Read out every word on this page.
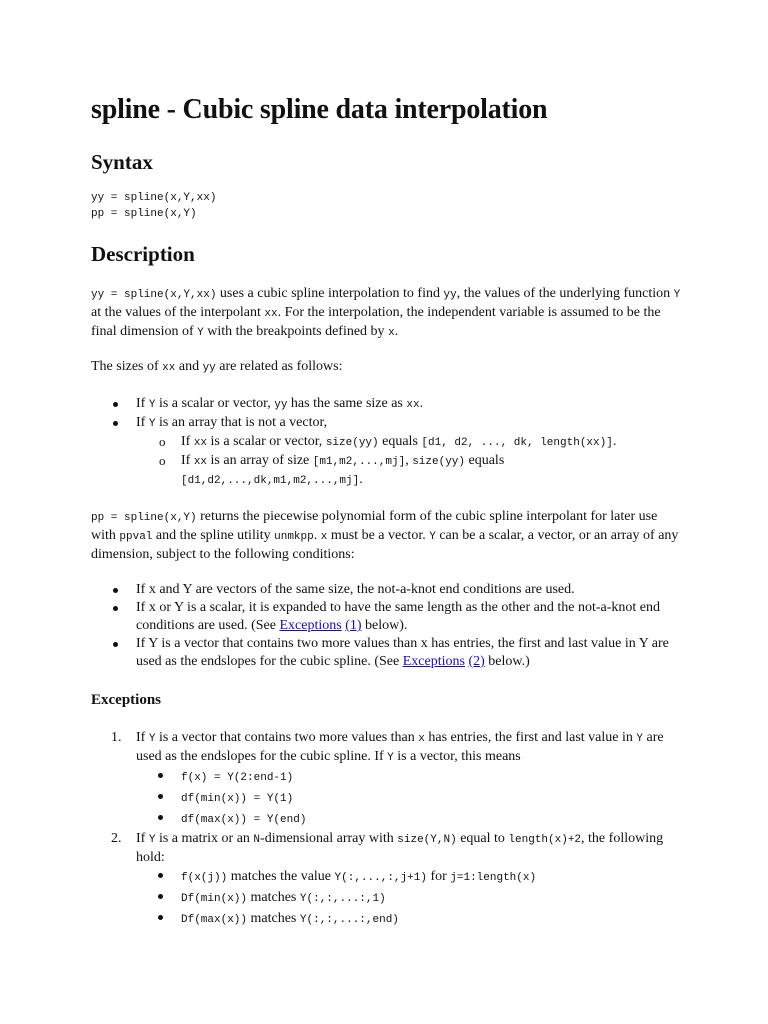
spline - Cubic spline data interpolation
Syntax
yy = spline(x,Y,xx)
pp = spline(x,Y)
Description
yy = spline(x,Y,xx) uses a cubic spline interpolation to find yy, the values of the underlying function Y at the values of the interpolant xx. For the interpolation, the independent variable is assumed to be the final dimension of Y with the breakpoints defined by x.
The sizes of xx and yy are related as follows:
If Y is a scalar or vector, yy has the same size as xx.
If Y is an array that is not a vector,
o If xx is a scalar or vector, size(yy) equals [d1, d2, ..., dk, length(xx)].
o If xx is an array of size [m1,m2,...,mj], size(yy) equals
[d1,d2,...,dk,m1,m2,...,mj].
pp = spline(x,Y) returns the piecewise polynomial form of the cubic spline interpolant for later use with ppval and the spline utility unmkpp. x must be a vector. Y can be a scalar, a vector, or an array of any dimension, subject to the following conditions:
If x and Y are vectors of the same size, the not-a-knot end conditions are used.
If x or Y is a scalar, it is expanded to have the same length as the other and the not-a-knot end conditions are used. (See Exceptions (1) below).
If Y is a vector that contains two more values than x has entries, the first and last value in Y are used as the endslopes for the cubic spline. (See Exceptions (2) below.)
Exceptions
1. If Y is a vector that contains two more values than x has entries, the first and last value in Y are used as the endslopes for the cubic spline. If Y is a vector, this means
f(x) = Y(2:end-1)
df(min(x)) = Y(1)
df(max(x)) = Y(end)
2. If Y is a matrix or an N-dimensional array with size(Y,N) equal to length(x)+2, the following hold:
f(x(j)) matches the value Y(:,...,:,j+1) for j=1:length(x)
Df(min(x)) matches Y(:,:,...:,1)
Df(max(x)) matches Y(:,:,...:,end)
